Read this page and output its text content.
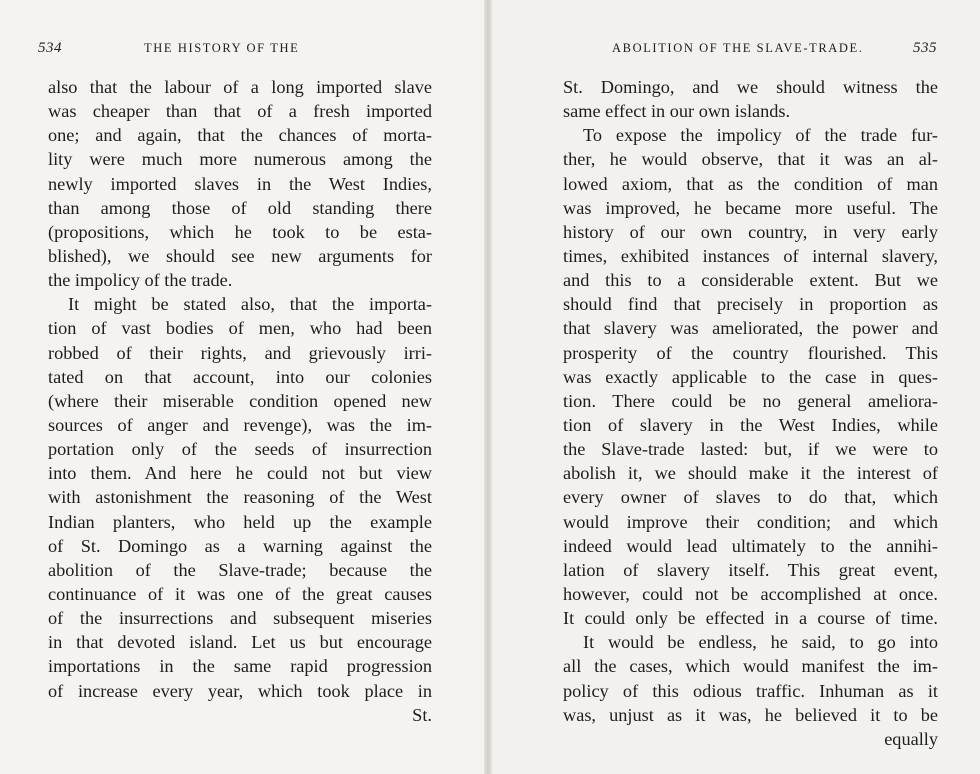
534	THE HISTORY OF THE	ABOLITION OF THE SLAVE-TRADE.	535
also that the labour of a long imported slave
was cheaper than that of a fresh imported
one; and again, that the chances of morta-
lity were much more numerous among the
newly imported slaves in the West Indies,
than among those of old standing there
(propositions, which he took to be esta-
blished), we should see new arguments for
the impolicy of the trade.
It might be stated also, that the importa-
tion of vast bodies of men, who had been
robbed of their rights, and grievously irri-
tated on that account, into our colonies
(where their miserable condition opened new
sources of anger and revenge), was the im-
portation only of the seeds of insurrection
into them. And here he could not but view
with astonishment the reasoning of the West
Indian planters, who held up the example
of St. Domingo as a warning against the
abolition of the Slave-trade; because the
continuance of it was one of the great causes
of the insurrections and subsequent miseries
in that devoted island. Let us but encourage
importations in the same rapid progression
of increase every year, which took place in
St.
St. Domingo, and we should witness the
same effect in our own islands.
To expose the impolicy of the trade fur-
ther, he would observe, that it was an al-
lowed axiom, that as the condition of man
was improved, he became more useful. The
history of our own country, in very early
times, exhibited instances of internal slavery,
and this to a considerable extent. But we
should find that precisely in proportion as
that slavery was ameliorated, the power and
prosperity of the country flourished. This
was exactly applicable to the case in ques-
tion. There could be no general ameliora-
tion of slavery in the West Indies, while
the Slave-trade lasted: but, if we were to
abolish it, we should make it the interest of
every owner of slaves to do that, which
would improve their condition; and which
indeed would lead ultimately to the annihi-
lation of slavery itself. This great event,
however, could not be accomplished at once.
It could only be effected in a course of time.
It would be endless, he said, to go into
all the cases, which would manifest the im-
policy of this odious traffic. Inhuman as it
was, unjust as it was, he believed it to be
equally
